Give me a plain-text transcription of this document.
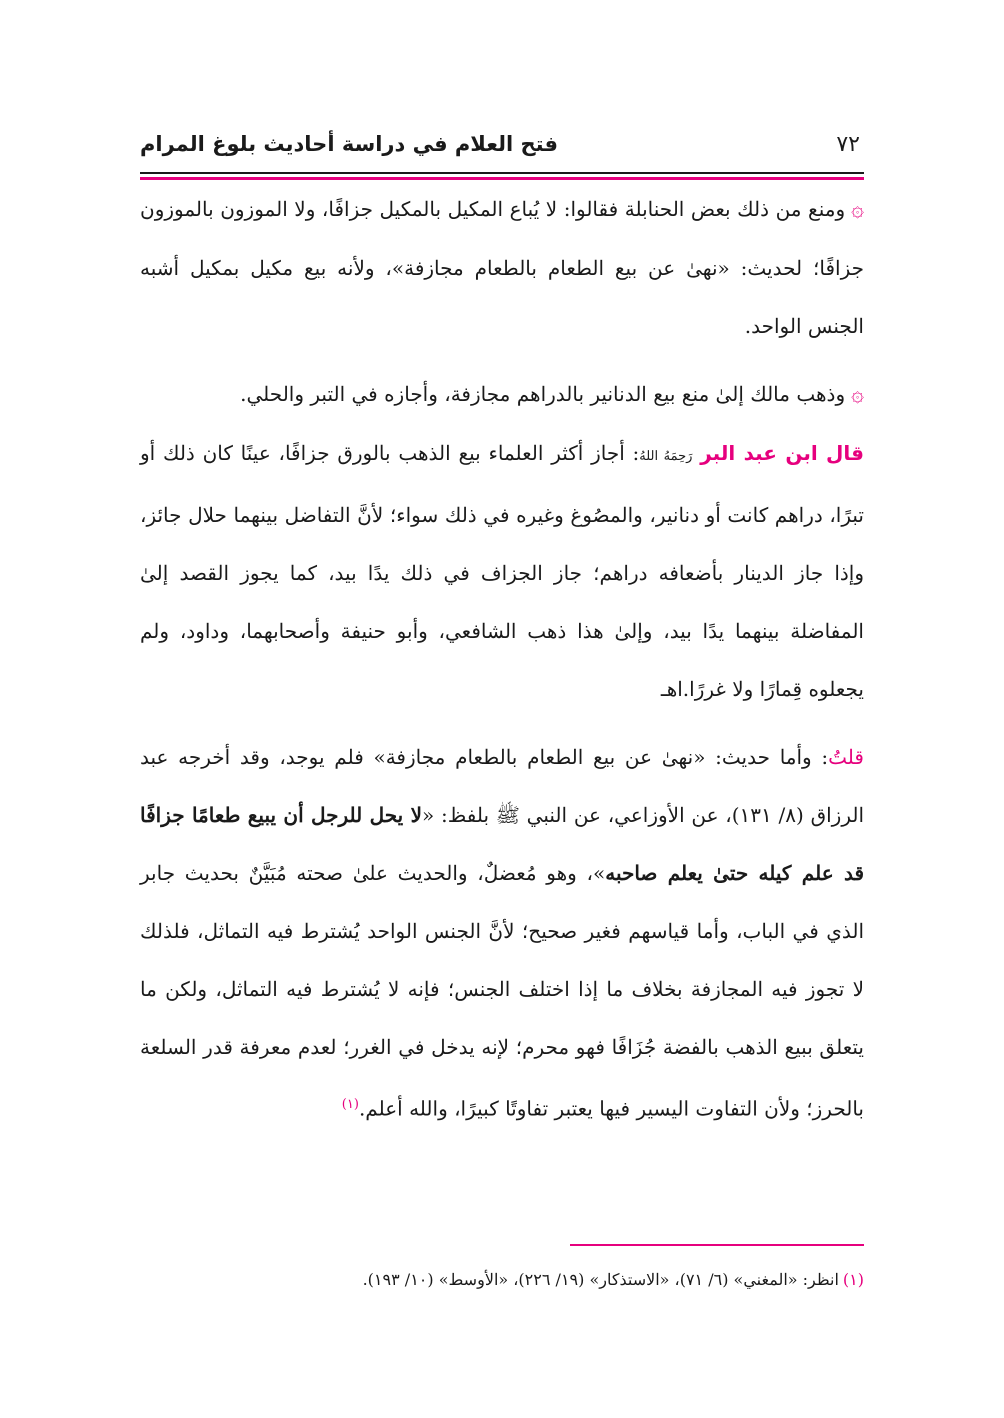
٧٢
فتح العلام في دراسة أحاديث بلوغ المرام

۞ومنع من ذلك بعض الحنابلة فقالوا: لا يُباع المكيل بالمكيل جزافًا، ولا الموزون بالموزون جزافًا؛ لحديث: «نهىٰ عن بيع الطعام بالطعام مجازفة»، ولأنه بيع مكيل بمكيل أشبه الجنس الواحد.

۞وذهب مالك إلىٰ منع بيع الدنانير بالدراهم مجازفة، وأجازه في التبر والحلي.
قال ابن عبد البر رَحِمَهُ اللهُ: أجاز أكثر العلماء بيع الذهب بالورق جزافًا، عينًا كان ذلك أو تبرًا، دراهم كانت أو دنانير، والمصُوغ وغيره في ذلك سواء؛ لأنَّ التفاضل بينهما حلال جائز، وإذا جاز الدينار بأضعافه دراهم؛ جاز الجزاف في ذلك يدًا بيد، كما يجوز القصد إلىٰ المفاضلة بينهما يدًا بيد، وإلىٰ هذا ذهب الشافعي، وأبو حنيفة وأصحابهما، وداود، ولم يجعلوه قِمارًا ولا غررًا.اهـ

قلتُ: وأما حديث: «نهىٰ عن بيع الطعام بالطعام مجازفة» فلم يوجد، وقد أخرجه عبد الرزاق (٨/ ١٣١)، عن الأوزاعي، عن النبي ﷺ بلفظ: «لا يحل للرجل أن يبيع طعامًا جزافًا قد علم كيله حتىٰ يعلم صاحبه»، وهو مُعضلٌ، والحديث علىٰ صحته مُبَيَّنٌ بحديث جابر الذي في الباب، وأما قياسهم فغير صحيح؛ لأنَّ الجنس الواحد يُشترط فيه التماثل، فلذلك لا تجوز فيه المجازفة بخلاف ما إذا اختلف الجنس؛ فإنه لا يُشترط فيه التماثل، ولكن ما يتعلق ببيع الذهب بالفضة جُزَافًا فهو محرم؛ لإنه يدخل في الغرر؛ لعدم معرفة قدر السلعة بالحرز؛ ولأن التفاوت اليسير فيها يعتبر تفاوتًا كبيرًا، والله أعلم.$^{(١)}$

(١)انظر: «المغني» (٦/ ٧١)، «الاستذكار» (١٩/ ٢٢٦)، «الأوسط» (١٠/ ١٩٣).
